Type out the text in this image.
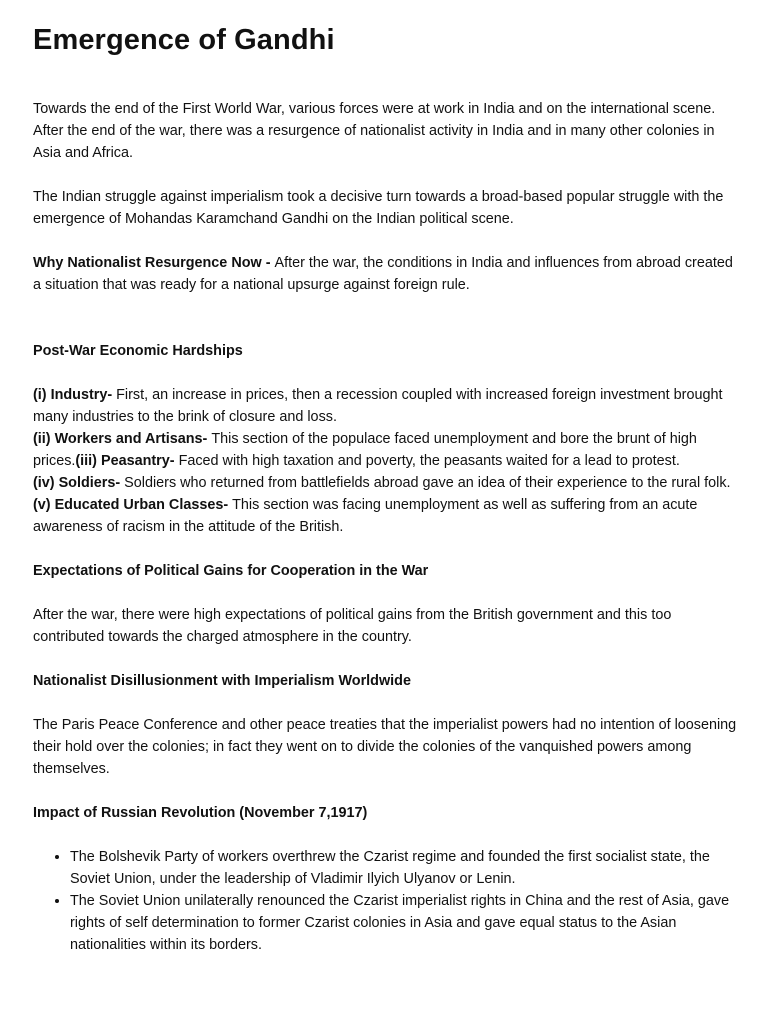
Emergence of Gandhi

Towards the end of the First World War, various forces were at work in India and on the international scene. After the end of the war, there was a resurgence of nationalist activity in India and in many other colonies in Asia and Africa.

The Indian struggle against imperialism took a decisive turn towards a broad-based popular struggle with the emergence of Mohandas Karamchand Gandhi on the Indian political scene.

Why Nationalist Resurgence Now - After the war, the conditions in India and influences from abroad created a situation that was ready for a national upsurge against foreign rule.

Post-War Economic Hardships

(i) Industry- First, an increase in prices, then a recession coupled with increased foreign investment brought many industries to the brink of closure and loss.
(ii) Workers and Artisans- This section of the populace faced unemployment and bore the brunt of high prices.(iii) Peasantry- Faced with high taxation and poverty, the peasants waited for a lead to protest.
(iv) Soldiers- Soldiers who returned from battlefields abroad gave an idea of their experience to the rural folk.
(v) Educated Urban Classes- This section was facing unemployment as well as suffering from an acute awareness of racism in the attitude of the British.

Expectations of Political Gains for Cooperation in the War

After the war, there were high expectations of political gains from the British government and this too contributed towards the charged atmosphere in the country.

Nationalist Disillusionment with Imperialism Worldwide

The Paris Peace Conference and other peace treaties that the imperialist powers had no intention of loosening their hold over the colonies; in fact they went on to divide the colonies of the vanquished powers among themselves.

Impact of Russian Revolution (November 7,1917)

• The Bolshevik Party of workers overthrew the Czarist regime and founded the first socialist state, the Soviet Union, under the leadership of Vladimir Ilyich Ulyanov or Lenin.
• The Soviet Union unilaterally renounced the Czarist imperialist rights in China and the rest of Asia, gave rights of self determination to former Czarist colonies in Asia and gave equal status to the Asian nationalities within its borders.
